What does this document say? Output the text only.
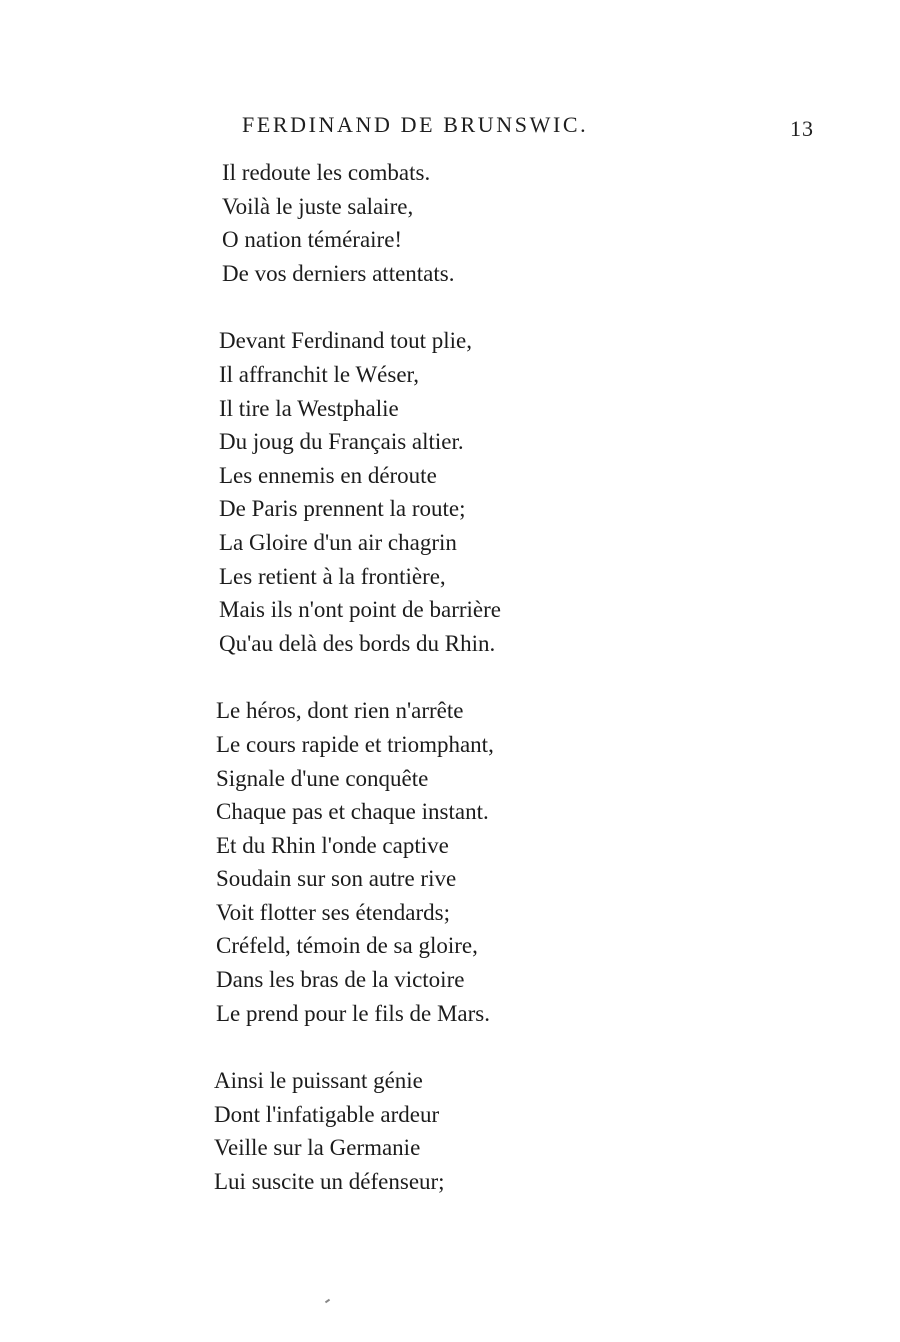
FERDINAND DE BRUNSWIC.	13
Il redoute les combats.
Voilà le juste salaire,
O nation téméraire!
De vos derniers attentats.
Devant Ferdinand tout plie,
Il affranchit le Wéser,
Il tire la Westphalie
Du joug du Français altier.
Les ennemis en déroute
De Paris prennent la route;
La Gloire d'un air chagrin
Les retient à la frontière,
Mais ils n'ont point de barrière
Qu'au delà des bords du Rhin.
Le héros, dont rien n'arrête
Le cours rapide et triomphant,
Signale d'une conquête
Chaque pas et chaque instant.
Et du Rhin l'onde captive
Soudain sur son autre rive
Voit flotter ses étendards;
Créfeld, témoin de sa gloire,
Dans les bras de la victoire
Le prend pour le fils de Mars.
Ainsi le puissant génie
Dont l'infatigable ardeur
Veille sur la Germanie
Lui suscite un défenseur;
